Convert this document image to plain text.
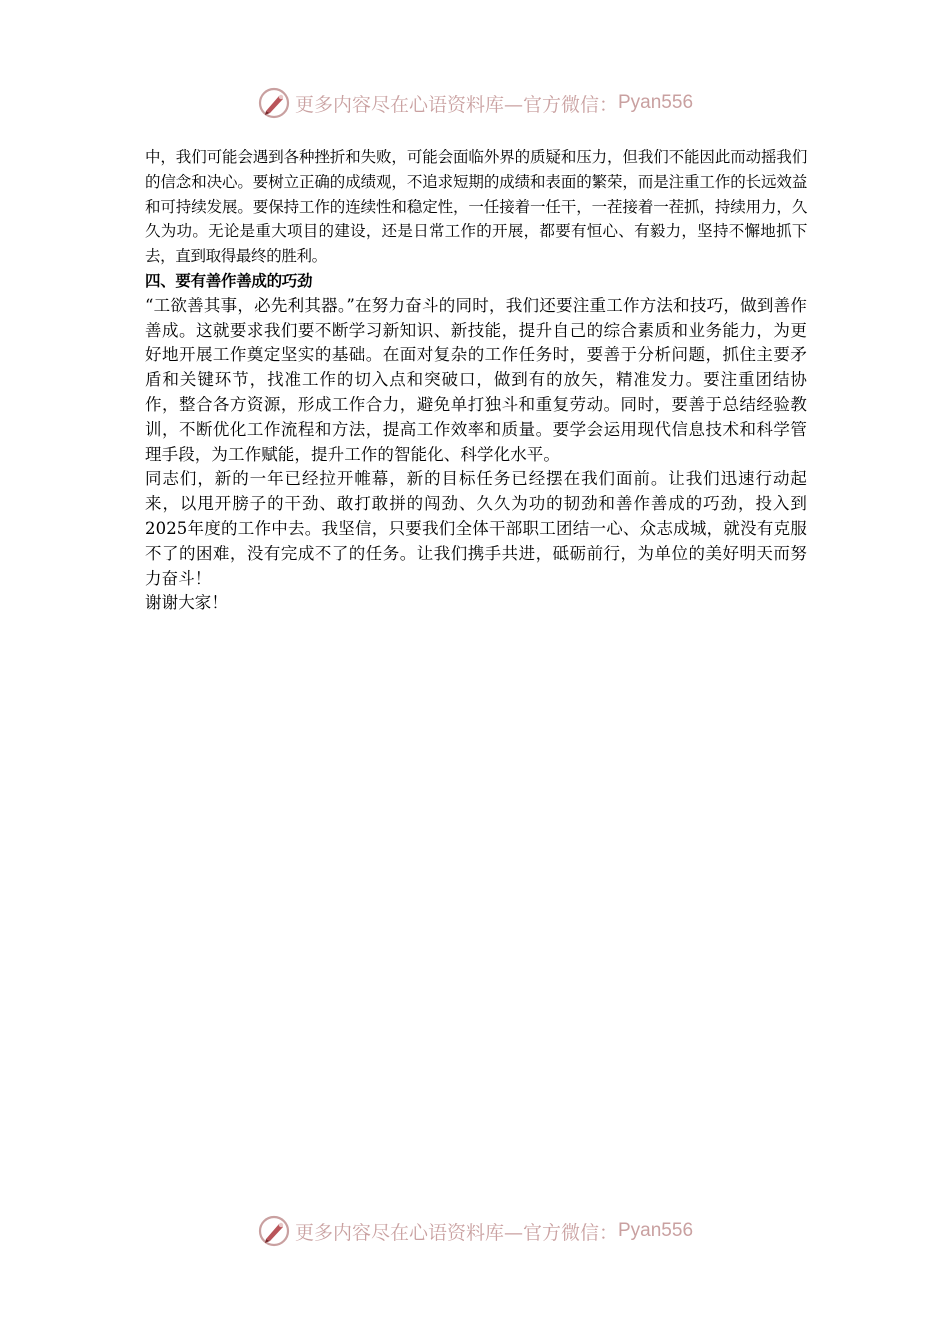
更多内容尽在心语资料库—官方微信： Pyan556

中，我们可能会遇到各种挫折和失败，可能会面临外界的质疑和压力，但我们不能因此而动摇我们的信念和决心。要树立正确的成绩观，不追求短期的成绩和表面的繁荣，而是注重工作的长远效益和可持续发展。要保持工作的连续性和稳定性，一任接着一任干，一茬接着一茬抓，持续用力，久久为功。无论是重大项目的建设，还是日常工作的开展，都要有恒心、有毅力，坚持不懈地抓下去，直到取得最终的胜利。

四、要有善作善成的巧劲

“工欲善其事，必先利其器。”在努力奋斗的同时，我们还要注重工作方法和技巧，做到善作善成。这就要求我们要不断学习新知识、新技能，提升自己的综合素质和业务能力，为更好地开展工作奠定坚实的基础。在面对复杂的工作任务时，要善于分析问题，抓住主要矛盾和关键环节，找准工作的切入点和突破口，做到有的放矢，精准发力。要注重团结协作，整合各方资源，形成工作合力，避免单打独斗和重复劳动。同时，要善于总结经验教训，不断优化工作流程和方法，提高工作效率和质量。要学会运用现代信息技术和科学管理手段，为工作赋能，提升工作的智能化、科学化水平。

同志们，新的一年已经拉开帷幕，新的目标任务已经摆在我们面前。让我们迅速行动起来，以甩开膀子的干劲、敢打敢拼的闯劲、久久为功的韧劲和善作善成的巧劲，投入到2025年度的工作中去。我坚信，只要我们全体干部职工团结一心、众志成城，就没有克服不了的困难，没有完成不了的任务。让我们携手共进，砥砺前行，为单位的美好明天而努力奋斗！

谢谢大家！

更多内容尽在心语资料库—官方微信： Pyan556
